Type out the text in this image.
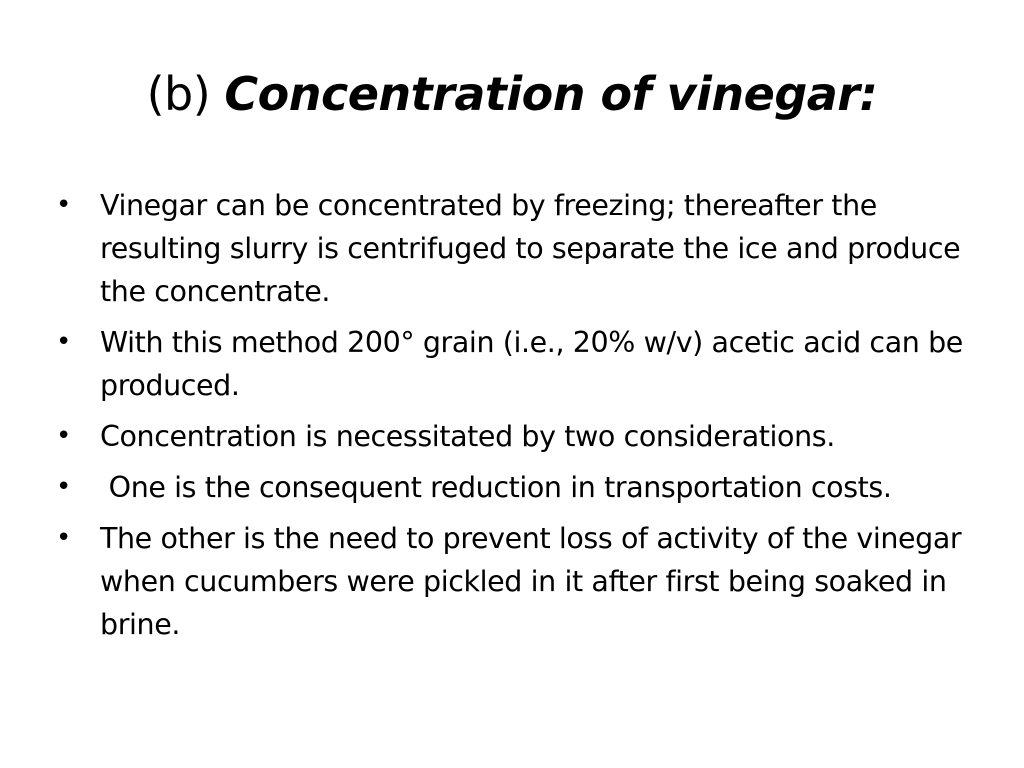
(b) Concentration of vinegar:
• Vinegar can be concentrated by freezing; thereafter the resulting slurry is centrifuged to separate the ice and produce the concentrate.
• With this method 200° grain (i.e., 20% w/v) acetic acid can be produced.
• Concentration is necessitated by two considerations.
• One is the consequent reduction in transportation costs.
• The other is the need to prevent loss of activity of the vinegar when cucumbers were pickled in it after first being soaked in brine.
